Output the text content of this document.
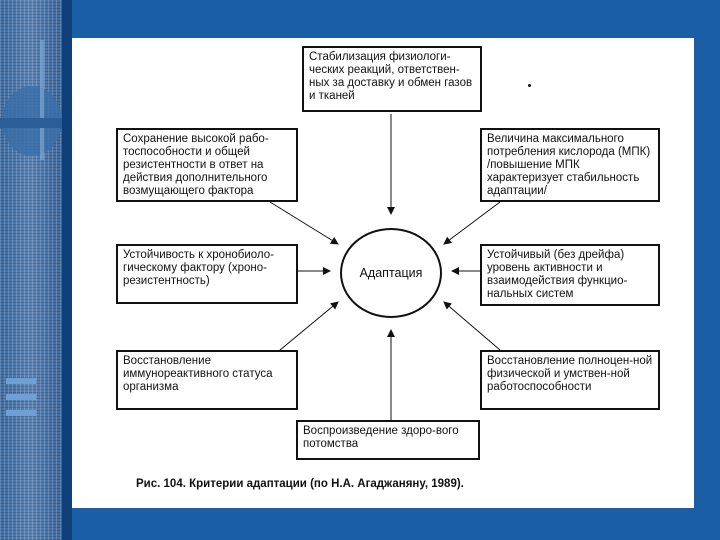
Стабилизация физиологи-ческих реакций, ответствен-ных за доставку и обмен газов и тканей
Сохранение высокой рабо-тоспособности и общей резистентности в ответ на действия дополнительного возмущающего фактора
Величина максимального потребления кислорода (МПК) /повышение МПК характеризует стабильность адаптации/
Устойчивость к хронобиоло-гическому фактору (хроно-резистентность)
Устойчивый (без дрейфа) уровень активности и взаимодействия функцио-нальных систем
Восстановление иммунореактивного статуса организма
Восстановление полноцен-ной физической и умствен-ной работоспособности
Воспроизведение здоро-вого потомства
Адаптация
Рис. 104. Критерии адаптации (по Н.А. Агаджаняну, 1989).
